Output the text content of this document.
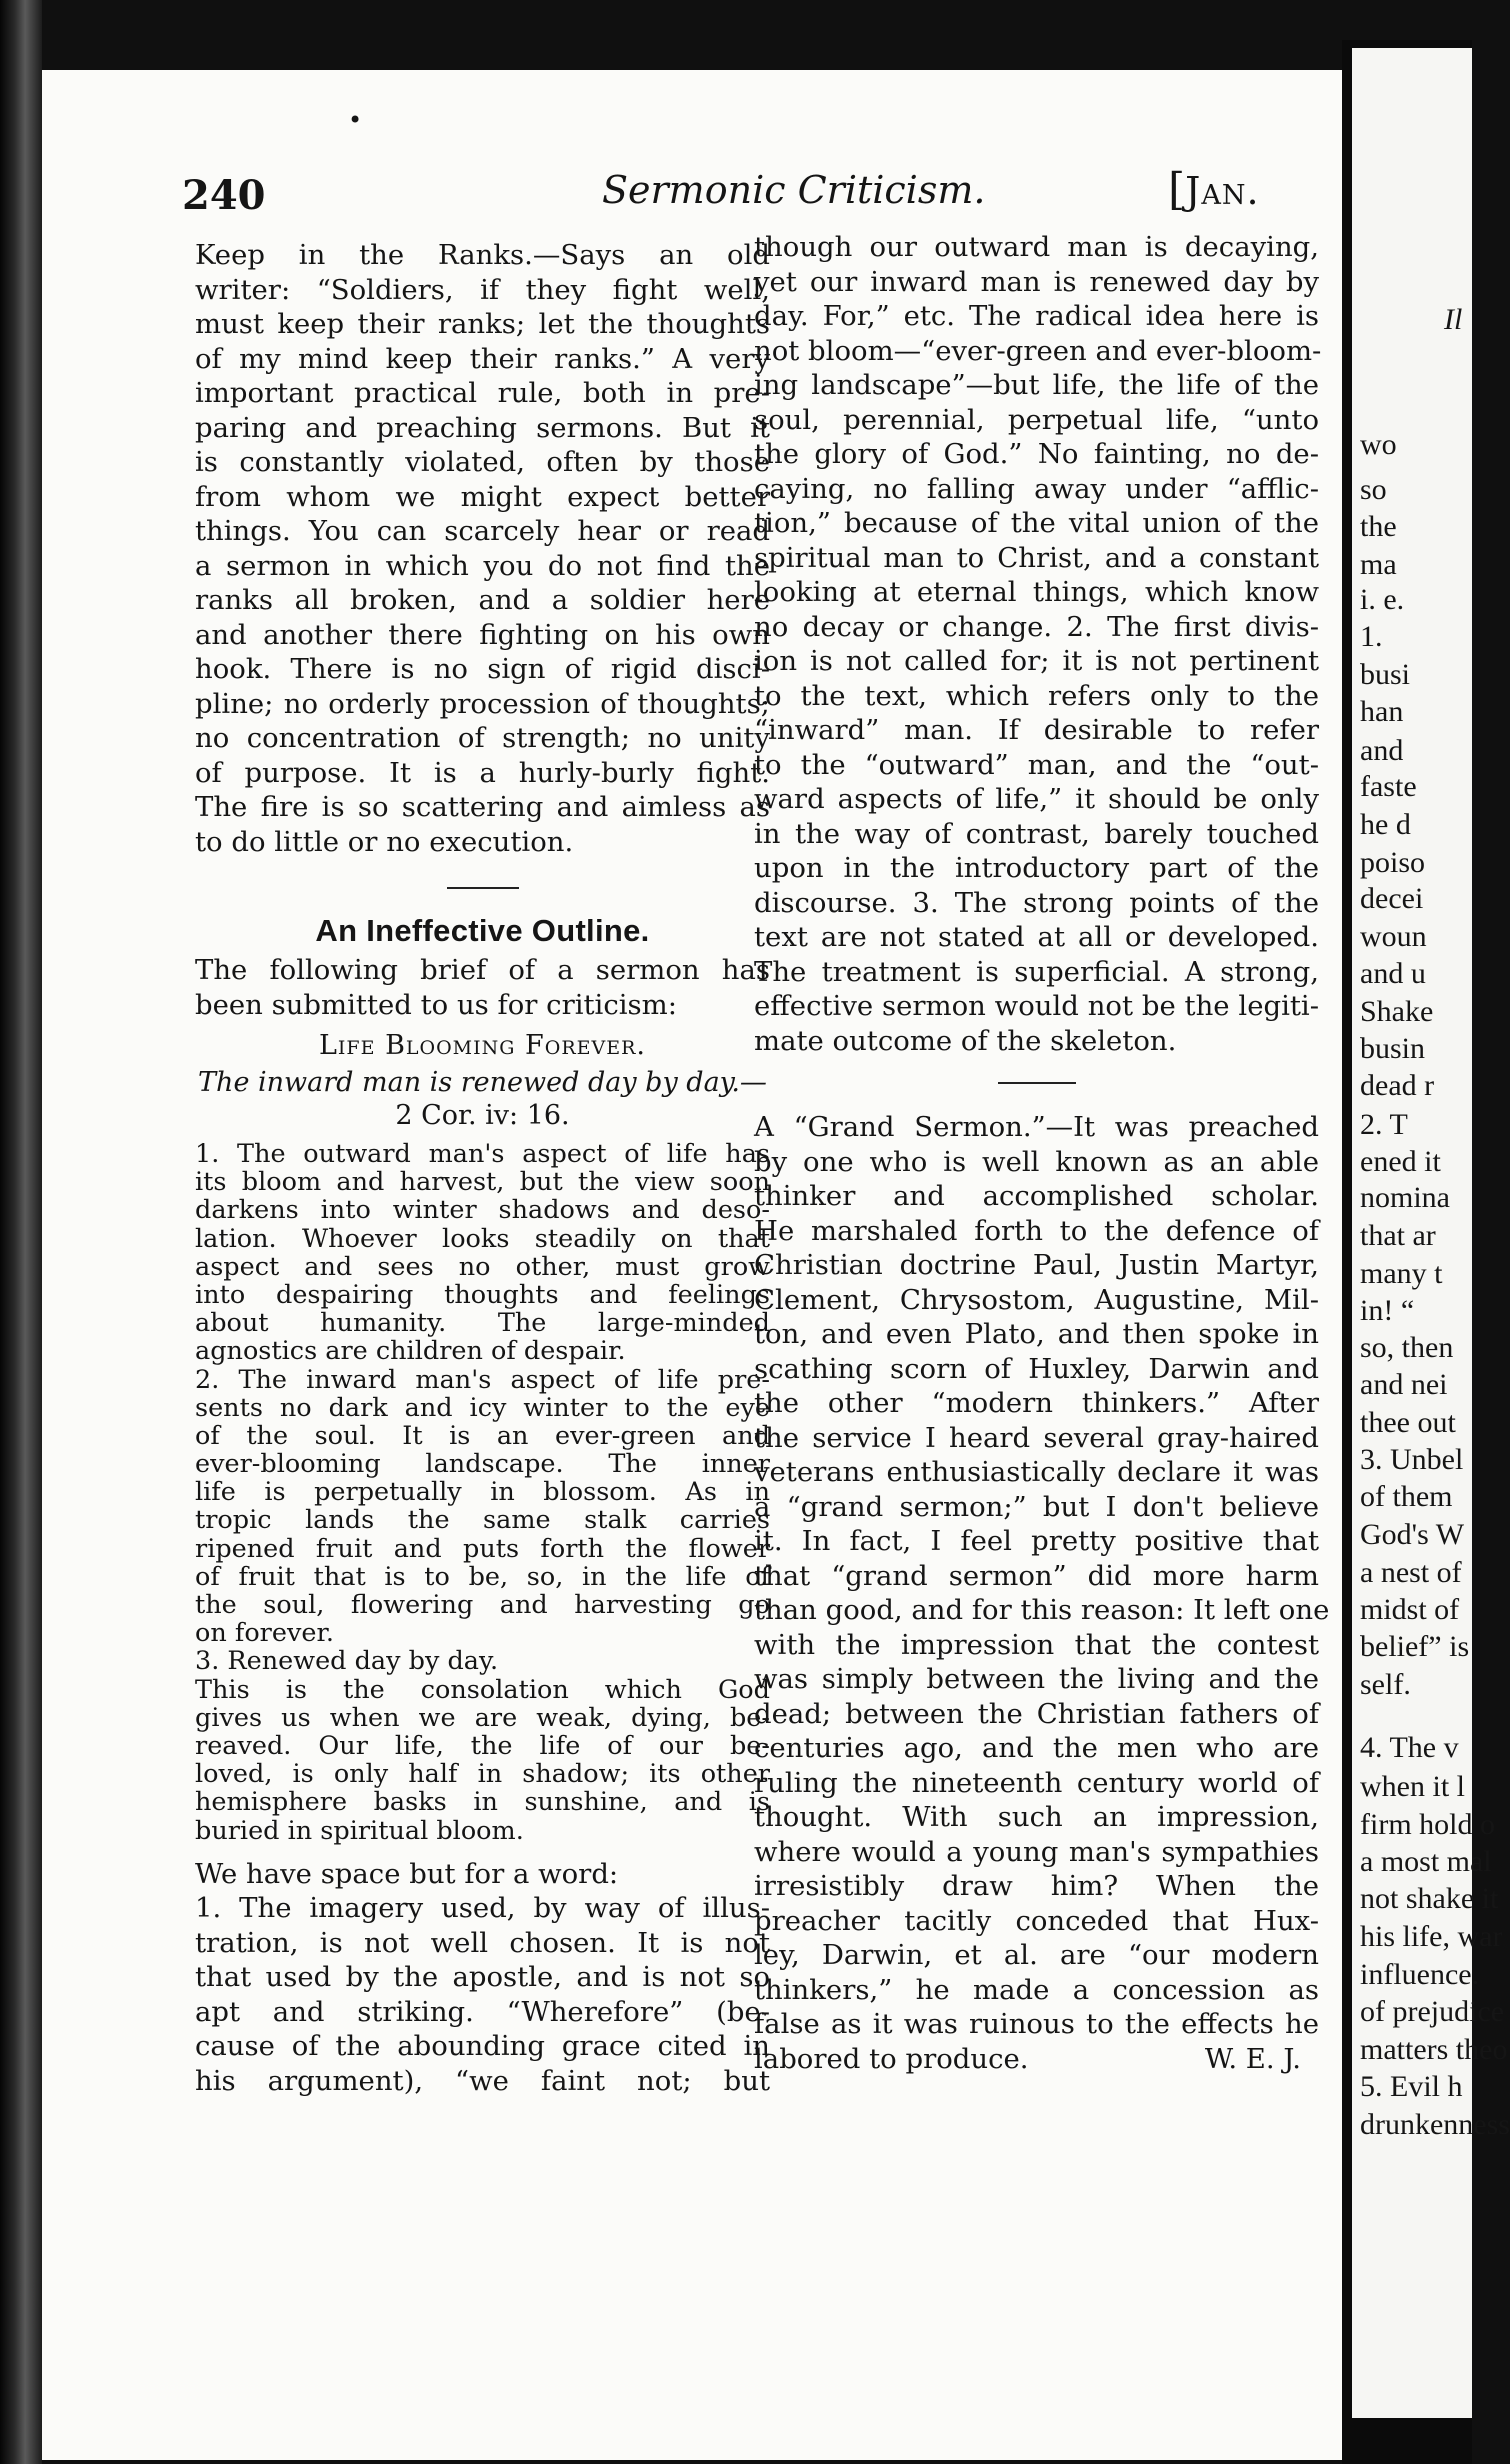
•
240	Sermonic Criticism.	[Jan.
Keep in the Ranks.—Says an old
writer: “Soldiers, if they fight well,
must keep their ranks; let the thoughts
of my mind keep their ranks.” A very
important practical rule, both in pre-
paring and preaching sermons. But it
is constantly violated, often by those
from whom we might expect better
things. You can scarcely hear or read
a sermon in which you do not find the
ranks all broken, and a soldier here
and another there fighting on his own
hook. There is no sign of rigid disci-
pline; no orderly procession of thoughts;
no concentration of strength; no unity
of purpose. It is a hurly-burly fight.
The fire is so scattering and aimless as
to do little or no execution.
An Ineffective Outline.
The following brief of a sermon has
been submitted to us for criticism:
Life Blooming Forever.
The inward man is renewed day by day.—
2 Cor. iv: 16.
1. The outward man's aspect of life has
its bloom and harvest, but the view soon
darkens into winter shadows and deso-
lation. Whoever looks steadily on that
aspect and sees no other, must grow
into despairing thoughts and feelings
about humanity. The large-minded
agnostics are children of despair.
2. The inward man's aspect of life pre-
sents no dark and icy winter to the eye
of the soul. It is an ever-green and
ever-blooming landscape. The inner
life is perpetually in blossom. As in
tropic lands the same stalk carries
ripened fruit and puts forth the flower
of fruit that is to be, so, in the life of
the soul, flowering and harvesting go
on forever.
3. Renewed day by day.
This is the consolation which God
gives us when we are weak, dying, be-
reaved. Our life, the life of our be-
loved, is only half in shadow; its other
hemisphere basks in sunshine, and is
buried in spiritual bloom.
We have space but for a word:
1. The imagery used, by way of illus-
tration, is not well chosen. It is not
that used by the apostle, and is not so
apt and striking. “Wherefore” (be-
cause of the abounding grace cited in
his argument), “we faint not; but
though our outward man is decaying,
yet our inward man is renewed day by
day. For,” etc. The radical idea here is
not bloom—“ever-green and ever-bloom-
ing landscape”—but life, the life of the
soul, perennial, perpetual life, “unto
the glory of God.” No fainting, no de-
caying, no falling away under “afflic-
tion,” because of the vital union of the
spiritual man to Christ, and a constant
looking at eternal things, which know
no decay or change. 2. The first divis-
ion is not called for; it is not pertinent
to the text, which refers only to the
“inward” man. If desirable to refer
to the “outward” man, and the “out-
ward aspects of life,” it should be only
in the way of contrast, barely touched
upon in the introductory part of the
discourse. 3. The strong points of the
text are not stated at all or developed.
The treatment is superficial. A strong,
effective sermon would not be the legiti-
mate outcome of the skeleton.
A “Grand Sermon.”—It was preached
by one who is well known as an able
thinker and accomplished scholar.
He marshaled forth to the defence of
Christian doctrine Paul, Justin Martyr,
Clement, Chrysostom, Augustine, Mil-
ton, and even Plato, and then spoke in
scathing scorn of Huxley, Darwin and
the other “modern thinkers.” After
the service I heard several gray-haired
veterans enthusiastically declare it was
a “grand sermon;” but I don't believe
it. In fact, I feel pretty positive that
that “grand sermon” did more harm
than good, and for this reason: It left one
with the impression that the contest
was simply between the living and the
dead; between the Christian fathers of
centuries ago, and the men who are
ruling the nineteenth century world of
thought. With such an impression,
where would a young man's sympathies
irresistibly draw him? When the
preacher tacitly conceded that Hux-
ley, Darwin, et al. are “our modern
thinkers,” he made a concession as
false as it was ruinous to the effects he
labored to produce.	W. E. J.
Il
wo
so
the
ma
i. e.
1.
busi
han
and
faste
he d
poiso
decei
woun
and u
Shake
busin
dead r
2. T
ened it
nomina
that ar
many t
in! “
so, then
and nei
thee out
3. Unbel
of them
God's W
a nest of
midst of
belief” is
self.
4. The v
when it l
firm hold o
a most mal
not shake it
his life, war
influence.
of prejudice
matters theo
5. Evil h
drunkenness
